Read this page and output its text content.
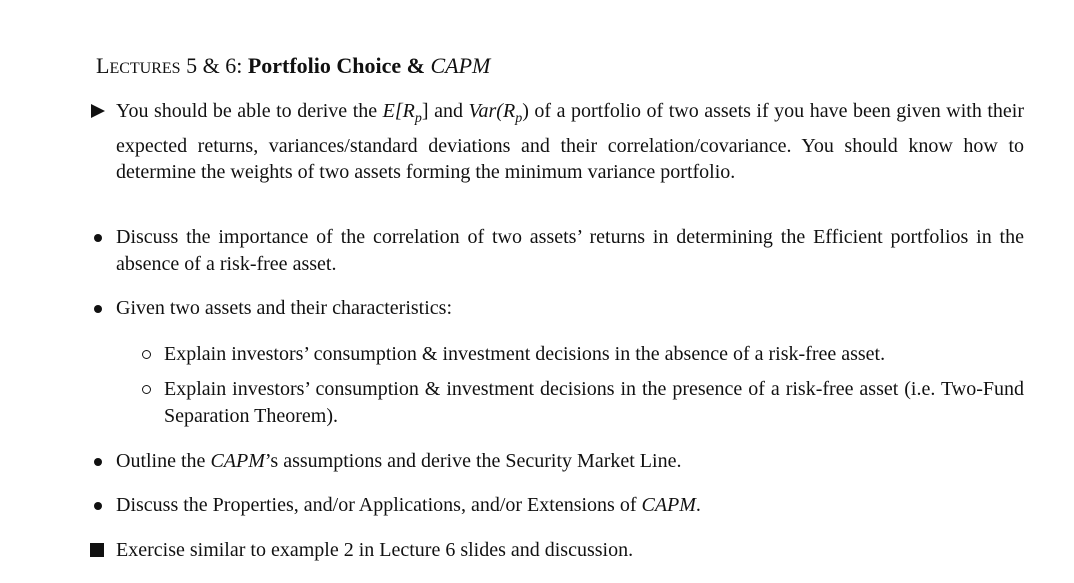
LECTURES 5 & 6: Portfolio Choice & CAPM
You should be able to derive the $E[R_p]$ and $Var(R_p)$ of a portfolio of two assets if you have been given with their expected returns, variances/standard deviations and their correlation/covariance. You should know how to determine the weights of two assets forming the minimum variance portfolio.
Discuss the importance of the correlation of two assets’ returns in determining the Efficient portfolios in the absence of a risk-free asset.
Given two assets and their characteristics:
Explain investors’ consumption & investment decisions in the absence of a risk-free asset.
Explain investors’ consumption & investment decisions in the presence of a risk-free asset (i.e. Two-Fund Separation Theorem).
Outline the CAPM’s assumptions and derive the Security Market Line.
Discuss the Properties, and/or Applications, and/or Extensions of CAPM.
Exercise similar to example 2 in Lecture 6 slides and discussion.
